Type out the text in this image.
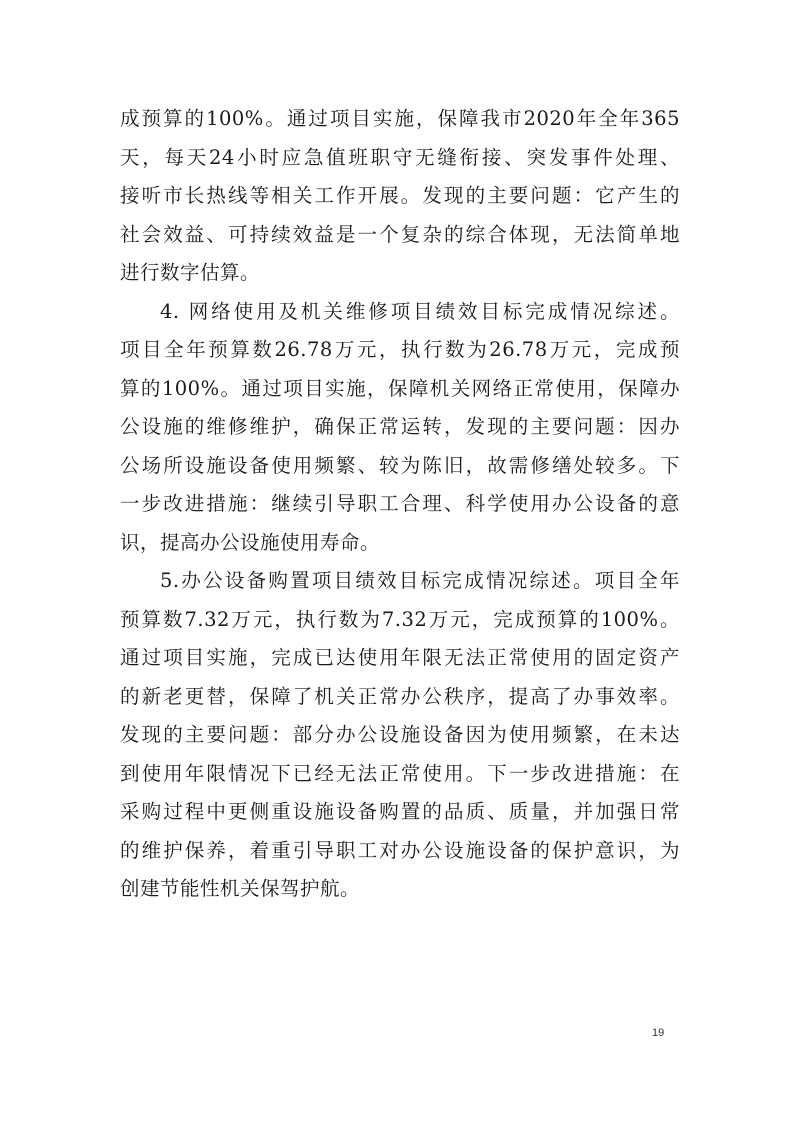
成预算的100%。通过项目实施，保障我市2020年全年365
天，每天24小时应急值班职守无缝衔接、突发事件处理、
接听市长热线等相关工作开展。发现的主要问题：它产生的
社会效益、可持续效益是一个复杂的综合体现，无法简单地
进行数字估算。
4. 网络使用及机关维修项目绩效目标完成情况综述。
项目全年预算数26.78万元，执行数为26.78万元，完成预
算的100%。通过项目实施，保障机关网络正常使用，保障办
公设施的维修维护，确保正常运转，发现的主要问题：因办
公场所设施设备使用频繁、较为陈旧，故需修缮处较多。下
一步改进措施：继续引导职工合理、科学使用办公设备的意
识，提高办公设施使用寿命。
5.办公设备购置项目绩效目标完成情况综述。项目全年
预算数7.32万元，执行数为7.32万元，完成预算的100%。
通过项目实施，完成已达使用年限无法正常使用的固定资产
的新老更替，保障了机关正常办公秩序，提高了办事效率。
发现的主要问题：部分办公设施设备因为使用频繁，在未达
到使用年限情况下已经无法正常使用。下一步改进措施：在
采购过程中更侧重设施设备购置的品质、质量，并加强日常
的维护保养，着重引导职工对办公设施设备的保护意识，为
创建节能性机关保驾护航。
19
